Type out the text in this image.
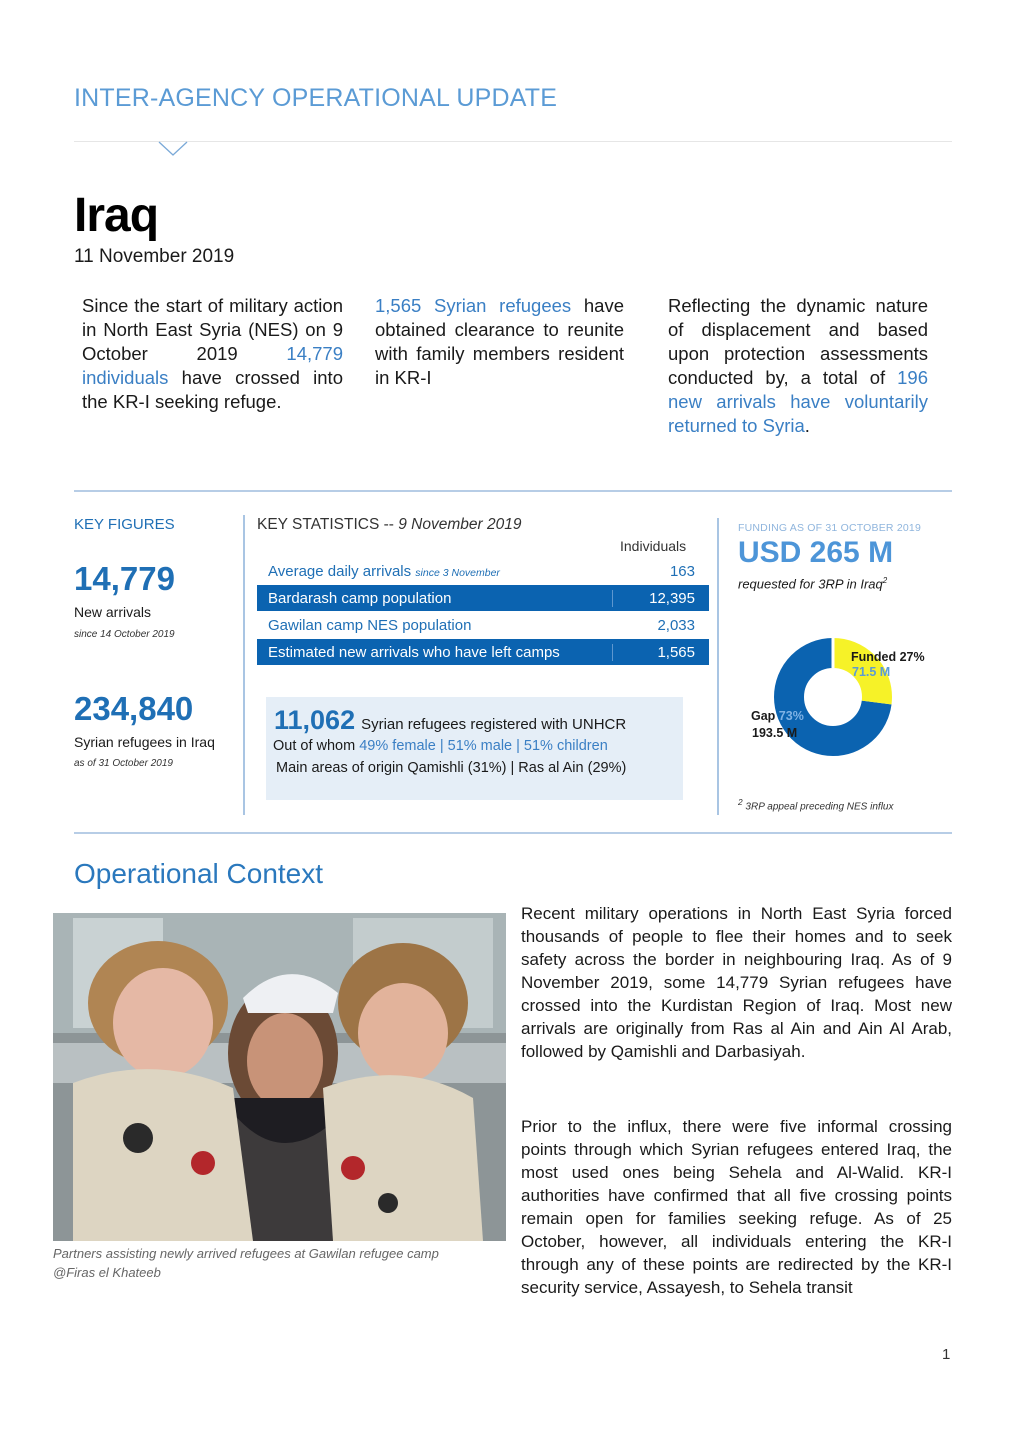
INTER-AGENCY OPERATIONAL UPDATE
Iraq
11 November 2019
Since the start of military action in North East Syria (NES) on 9 October 2019 14,779 individuals have crossed into the KR-I seeking refuge.
1,565 Syrian refugees have obtained clearance to reunite with family members resident in KR-I
Reflecting the dynamic nature of displacement and based upon protection assessments conducted by, a total of 196 new arrivals have voluntarily returned to Syria.
KEY FIGURES
14,779
New arrivals
since 14 October 2019
234,840
Syrian refugees in Iraq
as of 31 October 2019
KEY STATISTICS -- 9 November 2019
Individuals
Average daily arrivals since 3 November	163
Bardarash camp population	12,395
Gawilan camp NES population	2,033
Estimated new arrivals who have left camps	1,565
11,062 Syrian refugees registered with UNHCR
Out of whom 49% female | 51% male | 51% children
Main areas of origin Qamishli (31%) | Ras al Ain (29%)
FUNDING AS OF 31 OCTOBER 2019
USD 265 M
requested for 3RP in Iraq$^2$
Funded 27%
71.5 M
Gap 73%
193.5 M
$^2$ 3RP appeal preceding NES influx
Operational Context
Partners assisting newly arrived refugees at Gawilan refugee camp
@Firas el Khateeb
Recent military operations in North East Syria forced thousands of people to flee their homes and to seek safety across the border in neighbouring Iraq. As of 9 November 2019, some 14,779 Syrian refugees have crossed into the Kurdistan Region of Iraq. Most new arrivals are originally from Ras al Ain and Ain Al Arab, followed by Qamishli and Darbasiyah.
Prior to the influx, there were five informal crossing points through which Syrian refugees entered Iraq, the most used ones being Sehela and Al-Walid. KR-I authorities have confirmed that all five crossing points remain open for families seeking refuge. As of 25 October, however, all individuals entering the KR-I through any of these points are redirected by the KR-I security service, Assayesh, to Sehela transit
1
